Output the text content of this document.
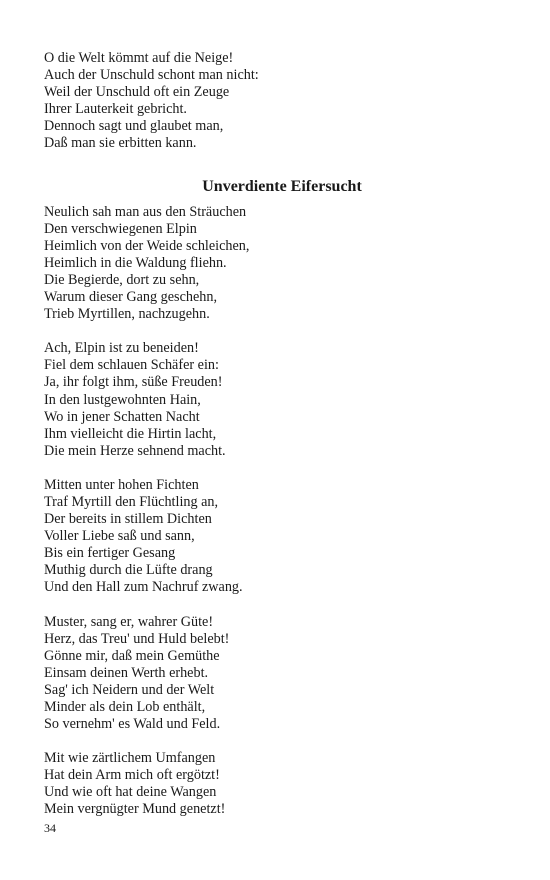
O die Welt kömmt auf die Neige!
Auch der Unschuld schont man nicht:
Weil der Unschuld oft ein Zeuge
Ihrer Lauterkeit gebricht.
Dennoch sagt und glaubet man,
Daß man sie erbitten kann.
Unverdiente Eifersucht
Neulich sah man aus den Sträuchen
Den verschwiegenen Elpin
Heimlich von der Weide schleichen,
Heimlich in die Waldung fliehn.
Die Begierde, dort zu sehn,
Warum dieser Gang geschehn,
Trieb Myrtillen, nachzugehn.
Ach, Elpin ist zu beneiden!
Fiel dem schlauen Schäfer ein:
Ja, ihr folgt ihm, süße Freuden!
In den lustgewohnten Hain,
Wo in jener Schatten Nacht
Ihm vielleicht die Hirtin lacht,
Die mein Herze sehnend macht.
Mitten unter hohen Fichten
Traf Myrtill den Flüchtling an,
Der bereits in stillem Dichten
Voller Liebe saß und sann,
Bis ein fertiger Gesang
Muthig durch die Lüfte drang
Und den Hall zum Nachruf zwang.
Muster, sang er, wahrer Güte!
Herz, das Treu' und Huld belebt!
Gönne mir, daß mein Gemüthe
Einsam deinen Werth erhebt.
Sag' ich Neidern und der Welt
Minder als dein Lob enthält,
So vernehm' es Wald und Feld.
Mit wie zärtlichem Umfangen
Hat dein Arm mich oft ergötzt!
Und wie oft hat deine Wangen
Mein vergnügter Mund genetzt!
34
